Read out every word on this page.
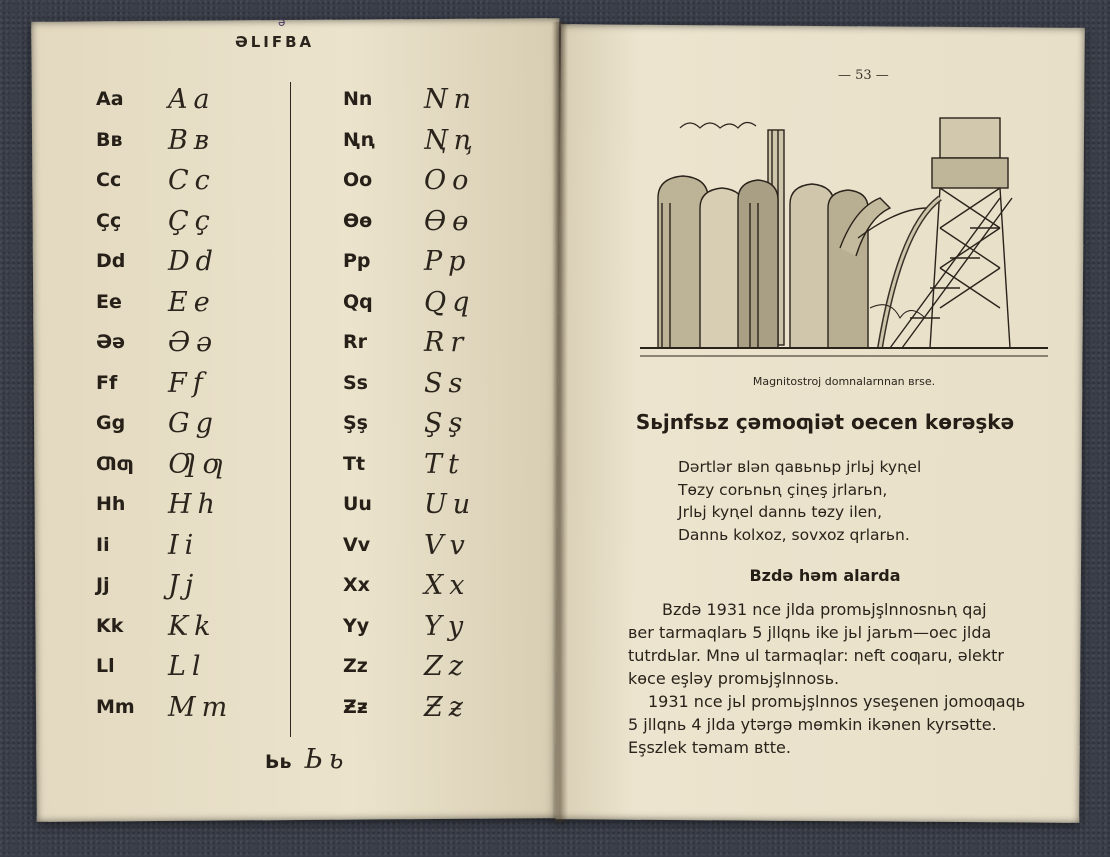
ə
ƏLIFBA
Aa Aa
Bʙ Bʙ
Cc Cc
Çç Çç
Dd Dd
Ee Ee
Əə Əə
Ff Ff
Gg Gg
Ƣƣ Ƣƣ
Hh Hh
Ii Ii
Jj Jj
Kk Kk
Ll Ll
Mm Mm
Nn Nn
Ꞑꞑ Ꞑꞑ
Oo Oo
Ɵɵ Ɵɵ
Pp Pp
Qq Qq
Rr Rr
Ss Ss
Şş Şş
Tt Tt
Uu Uu
Vv Vv
Xx Xx
Yy Yy
Zz Zz
Ƶƶ Ƶƶ
Ьь Ьь
— 53 —
Magnitostroj domnalarnnan вrse.
Sьjnfsьz çəmoƣiət oecen kөrəşkə
Dərtlər вlən qaвьnьp jrlьj kyꞑel
Tөzy corьnьꞑ çiꞑeş jrlarьn,
Jrlьj kyꞑel dannь tөzy ilen,
Dannь kolxoz, sovxoz qrlarьn.
Bzdə həm alarda
Bzdə 1931 nce jlda promьjşlnnosnьꞑ qaj
вer tarmaqlarь 5 jllqnь ike jьl jarьm—oec jlda
tutrdьlar. Mnə ul tarmaqlar: neft coƣaru, əlektr
kөce eşləy promьjşlnnosь.
1931 nce jьl promьjşlnnos yseşenen jomoƣaqь
5 jllqnь 4 jlda ytərgə mөmkin ikənen kyrsətte.
Eşszlek təmam вtte.
